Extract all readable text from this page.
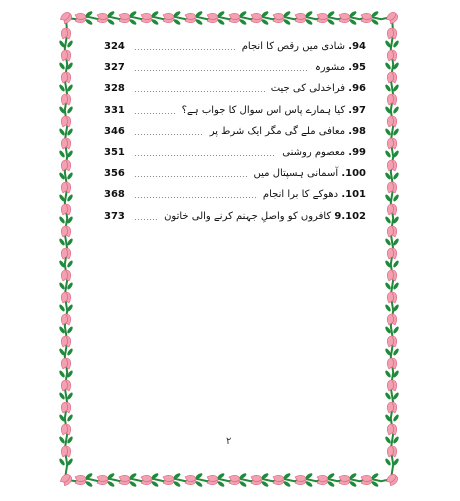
324	94. شادی میں رقص کا انجام
327	95. مشورہ
328	96. فراخدلی کی جیت
331	97. کیا ہمارے پاس اس سوال کا جواب ہے؟
346	98. معافی ملے گی مگر ایک شرط پر
351	99. معصوم روشنی
356	100. آسمانی ہسپتال میں
368	101. دھوکے کا برا انجام
373	9.102 کافروں کو واصلِ جہنم کرنے والی خاتون
۲
